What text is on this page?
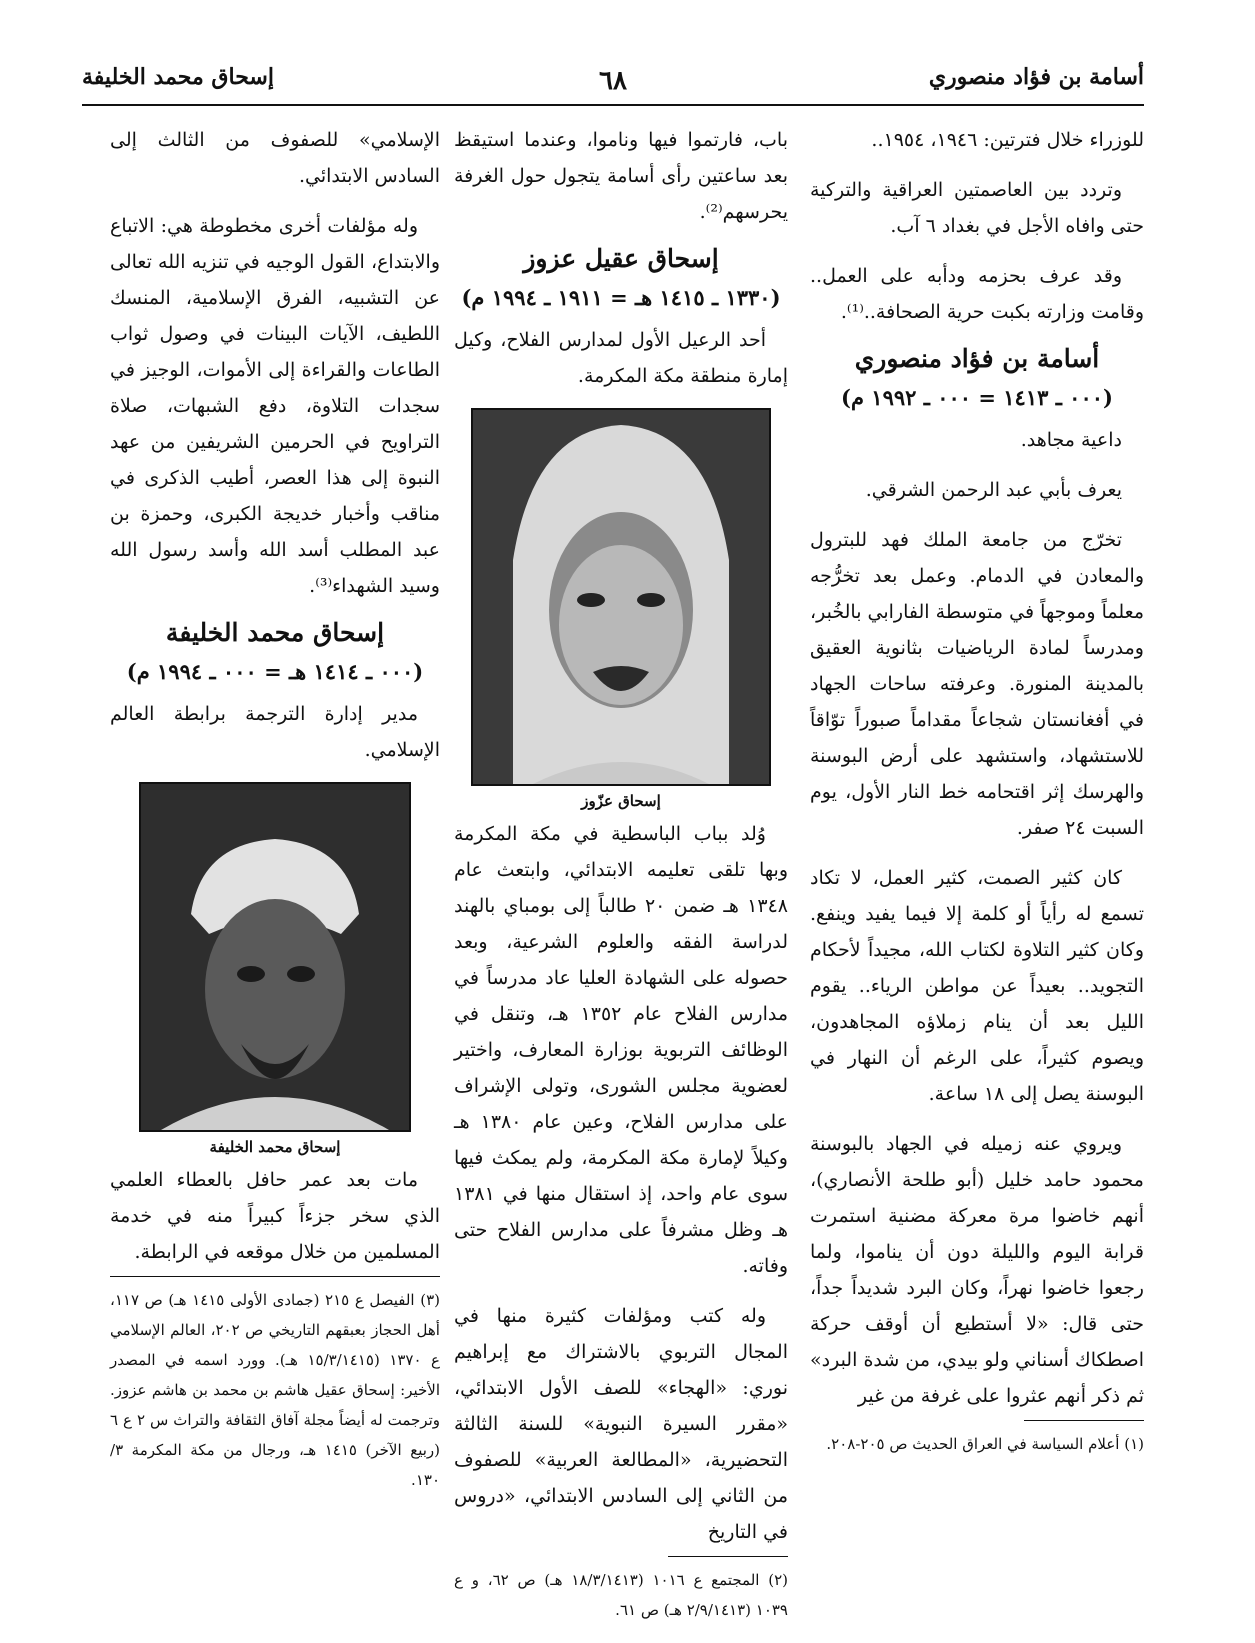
أسامة بن فؤاد منصوري
٦٨
إسحاق محمد الخليفة

للوزراء خلال فترتين: ١٩٤٦، ١٩٥٤..

وتردد بين العاصمتين العراقية والتركية حتى وافاه الأجل في بغداد ٦ آب.

وقد عرف بحزمه ودأبه على العمل.. وقامت وزارته بكبت حرية الصحافة..⁽¹⁾.

أسامة بن فؤاد منصوري
(٠٠٠ ـ ١٤١٣ = ٠٠٠ ـ ١٩٩٢ م)

داعية مجاهد.

يعرف بأبي عبد الرحمن الشرقي.

تخرّج من جامعة الملك فهد للبترول والمعادن في الدمام. وعمل بعد تخرُّجه معلماً وموجهاً في متوسطة الفارابي بالخُبر، ومدرساً لمادة الرياضيات بثانوية العقيق بالمدينة المنورة. وعرفته ساحات الجهاد في أفغانستان شجاعاً مقداماً صبوراً توّاقاً للاستشهاد، واستشهد على أرض البوسنة والهرسك إثر اقتحامه خط النار الأول، يوم السبت ٢٤ صفر.

كان كثير الصمت، كثير العمل، لا تكاد تسمع له رأياً أو كلمة إلا فيما يفيد وينفع. وكان كثير التلاوة لكتاب الله، مجيداً لأحكام التجويد.. بعيداً عن مواطن الرياء.. يقوم الليل بعد أن ينام زملاؤه المجاهدون، ويصوم كثيراً، على الرغم أن النهار في البوسنة يصل إلى ١٨ ساعة.

ويروي عنه زميله في الجهاد بالبوسنة محمود حامد خليل (أبو طلحة الأنصاري)، أنهم خاضوا مرة معركة مضنية استمرت قرابة اليوم والليلة دون أن يناموا، ولما رجعوا خاضوا نهراً، وكان البرد شديداً جداً، حتى قال: «لا أستطيع أن أوقف حركة اصطكاك أسناني ولو بيدي، من شدة البرد» ثم ذكر أنهم عثروا على غرفة من غير

(١) أعلام السياسة في العراق الحديث ص ٢٠٥-٢٠٨.

باب، فارتموا فيها وناموا، وعندما استيقظ بعد ساعتين رأى أسامة يتجول حول الغرفة يحرسهم⁽²⁾.

إسحاق عقيل عزوز
(١٣٣٠ ـ ١٤١٥ هـ = ١٩١١ ـ ١٩٩٤ م)

أحد الرعيل الأول لمدارس الفلاح، وكيل إمارة منطقة مكة المكرمة.

إسحاق عزّوز

وُلد بباب الباسطية في مكة المكرمة وبها تلقى تعليمه الابتدائي، وابتعث عام ١٣٤٨ هـ ضمن ٢٠ طالباً إلى بومباي بالهند لدراسة الفقه والعلوم الشرعية، وبعد حصوله على الشهادة العليا عاد مدرساً في مدارس الفلاح عام ١٣٥٢ هـ، وتنقل في الوظائف التربوية بوزارة المعارف، واختير لعضوية مجلس الشورى، وتولى الإشراف على مدارس الفلاح، وعين عام ١٣٨٠ هـ وكيلاً لإمارة مكة المكرمة، ولم يمكث فيها سوى عام واحد، إذ استقال منها في ١٣٨١ هـ وظل مشرفاً على مدارس الفلاح حتى وفاته.

وله كتب ومؤلفات كثيرة منها في المجال التربوي بالاشتراك مع إبراهيم نوري: «الهجاء» للصف الأول الابتدائي، «مقرر السيرة النبوية» للسنة الثالثة التحضيرية، «المطالعة العربية» للصفوف من الثاني إلى السادس الابتدائي، «دروس في التاريخ

(٢) المجتمع ع ١٠١٦ (١٨/٣/١٤١٣ هـ) ص ٦٢، و ع ١٠٣٩ (٢/٩/١٤١٣ هـ) ص ٦١.

الإسلامي» للصفوف من الثالث إلى السادس الابتدائي.

وله مؤلفات أخرى مخطوطة هي: الاتباع والابتداع، القول الوجيه في تنزيه الله تعالى عن التشبيه، الفرق الإسلامية، المنسك اللطيف، الآيات البينات في وصول ثواب الطاعات والقراءة إلى الأموات، الوجيز في سجدات التلاوة، دفع الشبهات، صلاة التراويح في الحرمين الشريفين من عهد النبوة إلى هذا العصر، أطيب الذكرى في مناقب وأخبار خديجة الكبرى، وحمزة بن عبد المطلب أسد الله وأسد رسول الله وسيد الشهداء⁽³⁾.

إسحاق محمد الخليفة
(٠٠٠ ـ ١٤١٤ هـ = ٠٠٠ ـ ١٩٩٤ م)

مدير إدارة الترجمة برابطة العالم الإسلامي.

إسحاق محمد الخليفة

مات بعد عمر حافل بالعطاء العلمي الذي سخر جزءاً كبيراً منه في خدمة المسلمين من خلال موقعه في الرابطة.

(٣) الفيصل ع ٢١٥ (جمادى الأولى ١٤١٥ هـ) ص ١١٧، أهل الحجاز بعبقهم التاريخي ص ٢٠٢، العالم الإسلامي ع ١٣٧٠ (١٥/٣/١٤١٥ هـ). وورد اسمه في المصدر الأخير: إسحاق عقيل هاشم بن محمد بن هاشم عزوز. وترجمت له أيضاً مجلة آفاق الثقافة والتراث س ٢ ع ٦ (ربيع الآخر) ١٤١٥ هـ، ورجال من مكة المكرمة ٣/ ١٣٠.
